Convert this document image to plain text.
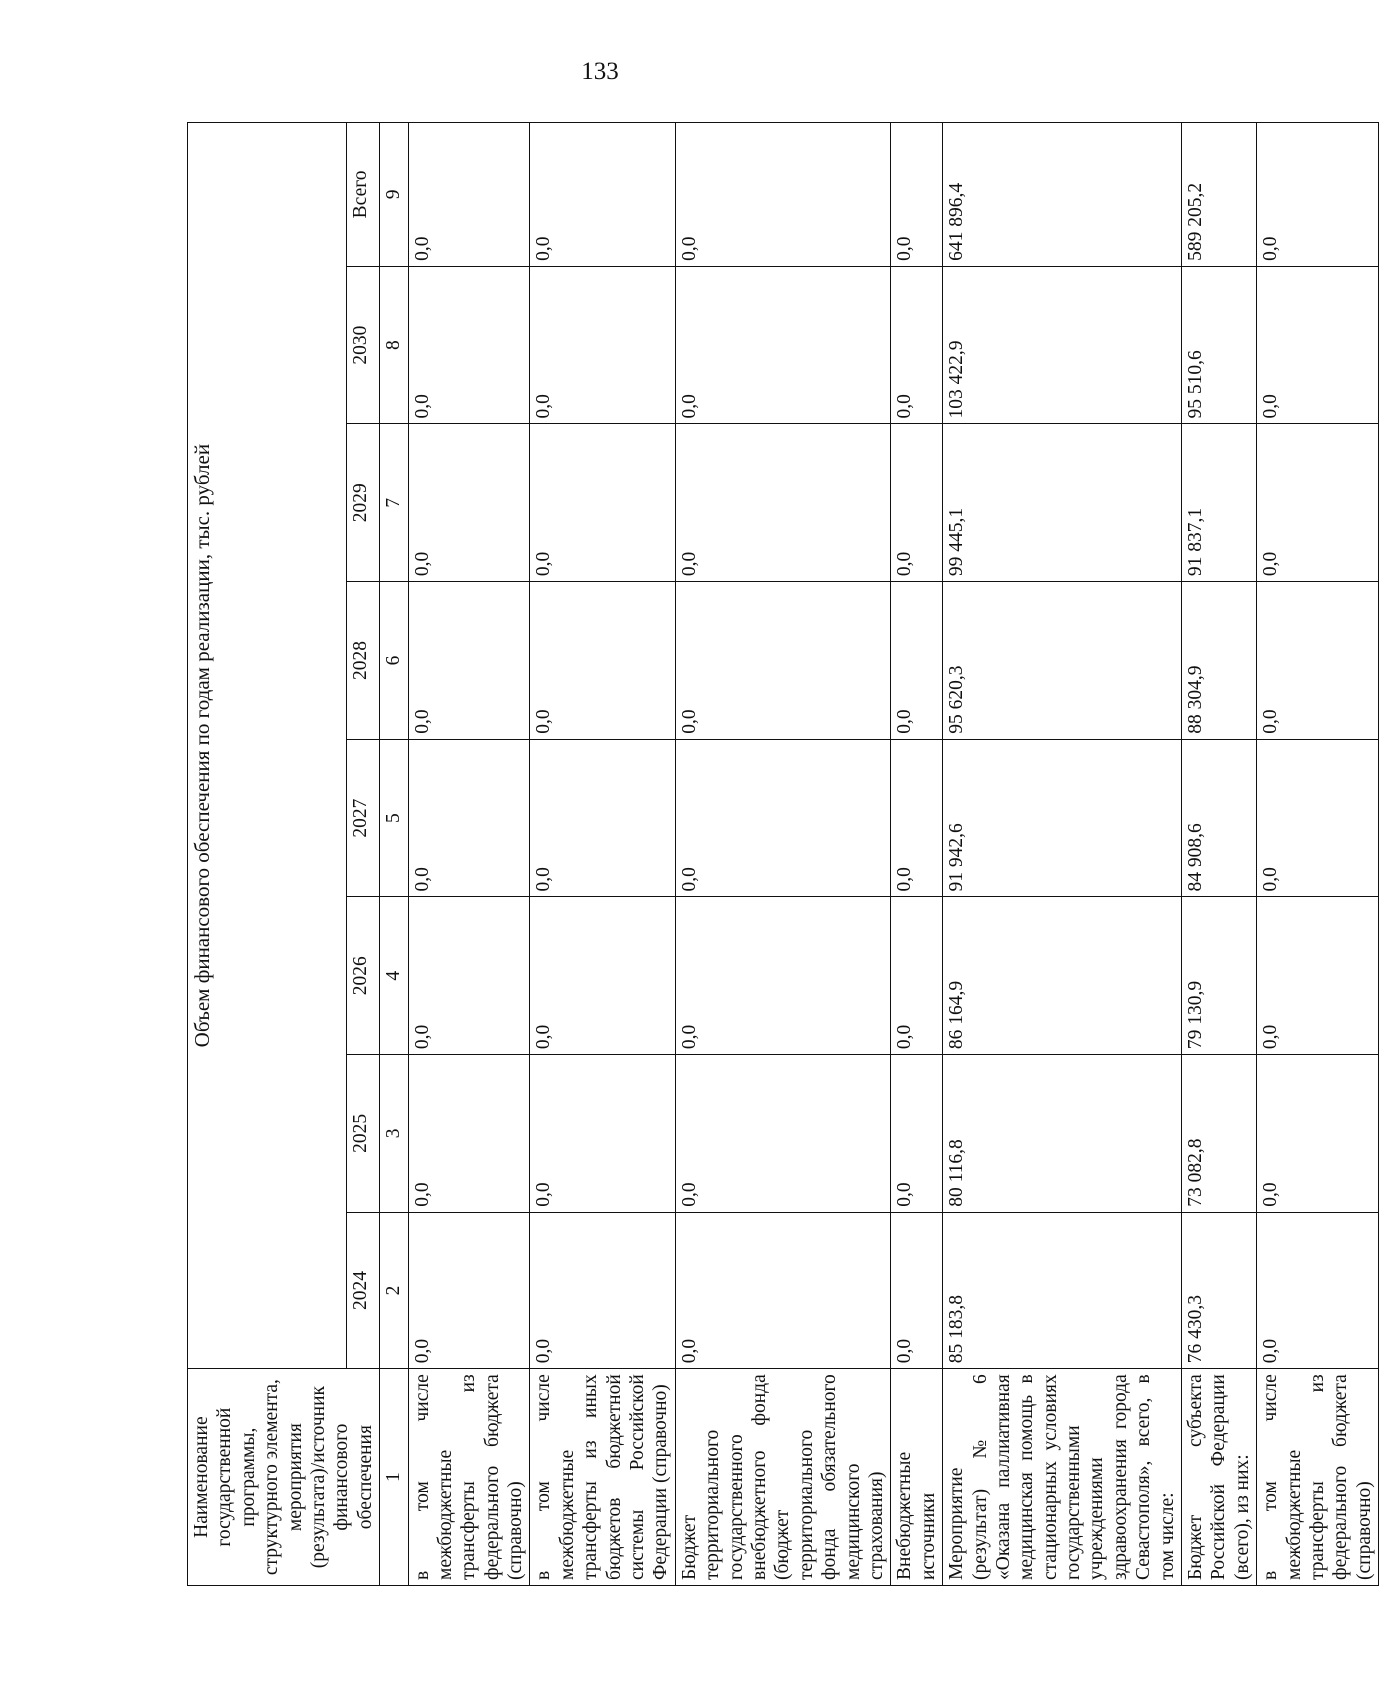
133
Наименование государственной программы, структурного элемента, мероприятия (результата)/источник финансового обеспечения	Объем финансового обеспечения по годам реализации, тыс. рублей							
	2024	2025	2026	2027	2028	2029	2030	Всего
1	2	3	4	5	6	7	8	9
в том числе межбюджетные трансферты из федерального бюджета (справочно)	0,0	0,0	0,0	0,0	0,0	0,0	0,0	0,0
в том числе межбюджетные трансферты из иных бюджетов бюджетной системы Российской Федерации (справочно)	0,0	0,0	0,0	0,0	0,0	0,0	0,0	0,0
Бюджет территориального государственного внебюджетного фонда (бюджет территориального фонда обязательного медицинского страхования)	0,0	0,0	0,0	0,0	0,0	0,0	0,0	0,0
Внебюджетные источники	0,0	0,0	0,0	0,0	0,0	0,0	0,0	0,0
Мероприятие (результат) № 6 «Оказана паллиативная медицинская помощь в стационарных условиях государственными учреждениями здравоохранения города Севастополя», всего, в том числе:	85 183,8	80 116,8	86 164,9	91 942,6	95 620,3	99 445,1	103 422,9	641 896,4
Бюджет субъекта Российской Федерации (всего), из них:	76 430,3	73 082,8	79 130,9	84 908,6	88 304,9	91 837,1	95 510,6	589 205,2
в том числе межбюджетные трансферты из федерального бюджета (справочно)	0,0	0,0	0,0	0,0	0,0	0,0	0,0	0,0
